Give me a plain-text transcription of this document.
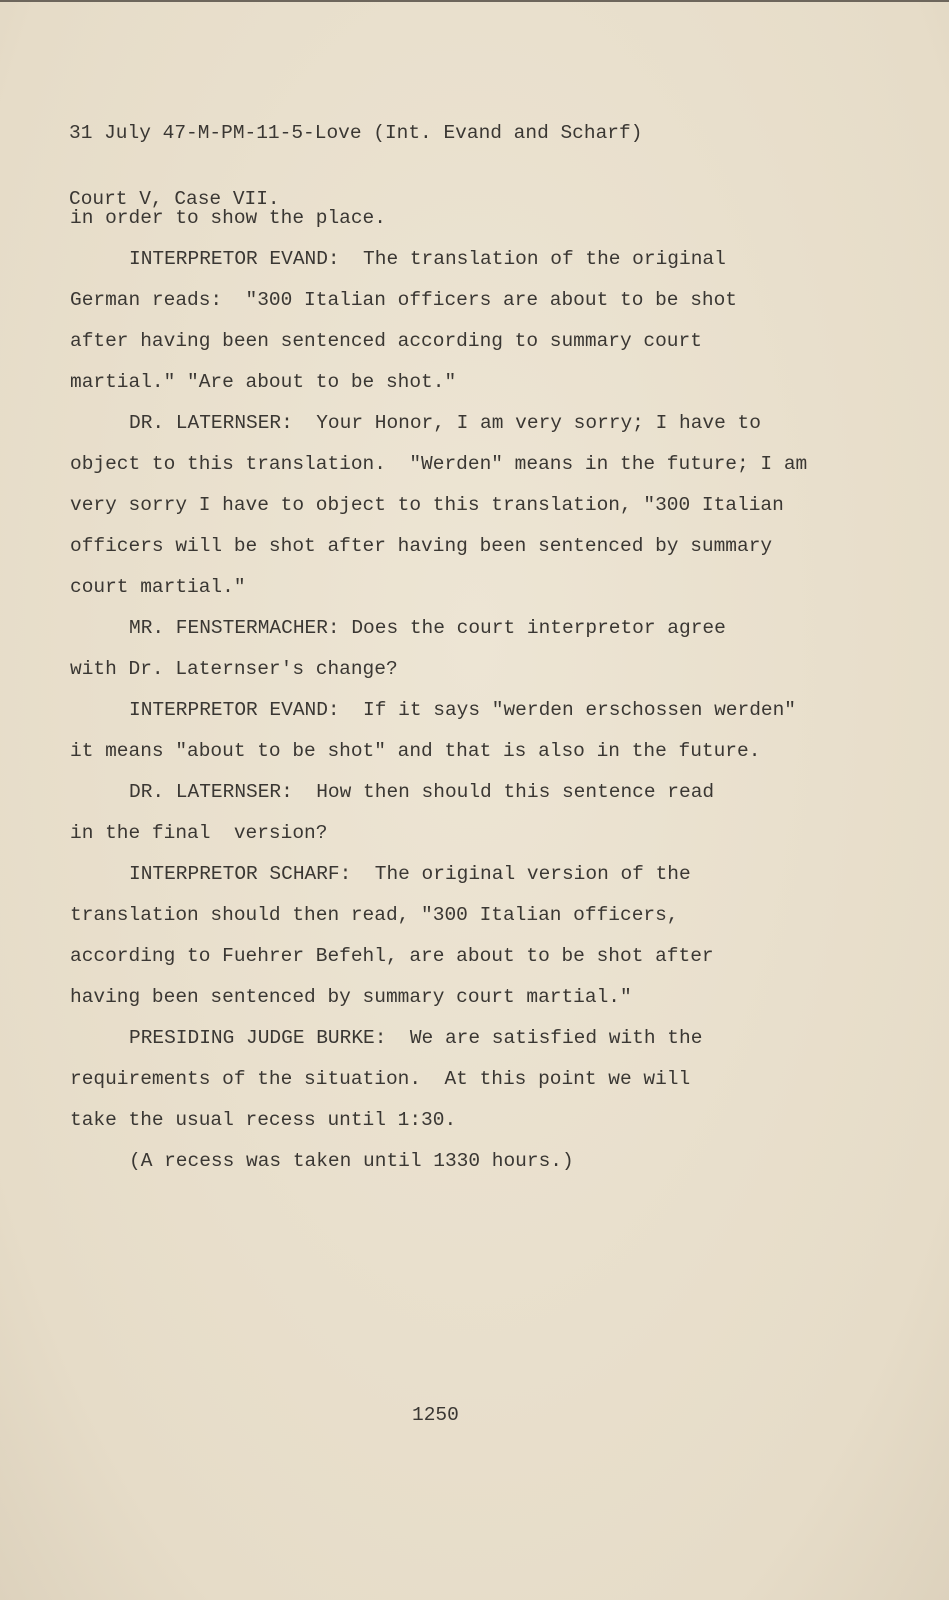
31 July 47-M-PM-11-5-Love (Int. Evand and Scharf)

Court V, Case VII.

in order to show the place.
INTERPRETOR EVAND:  The translation of the original
German reads:  "300 Italian officers are about to be shot
after having been sentenced according to summary court
martial." "Are about to be shot."
DR. LATERNSER:  Your Honor, I am very sorry; I have to
object to this translation.  "Werden" means in the future; I am
very sorry I have to object to this translation, "300 Italian
officers will be shot after having been sentenced by summary
court martial."
MR. FENSTERMACHER: Does the court interpretor agree
with Dr. Laternser's change?
INTERPRETOR EVAND:  If it says "werden erschossen werden"
it means "about to be shot" and that is also in the future.
DR. LATERNSER:  How then should this sentence read
in the final  version?
INTERPRETOR SCHARF:  The original version of the
translation should then read, "300 Italian officers,
according to Fuehrer Befehl, are about to be shot after
having been sentenced by summary court martial."
PRESIDING JUDGE BURKE:  We are satisfied with the
requirements of the situation.  At this point we will
take the usual recess until 1:30.
(A recess was taken until 1330 hours.)
1250
